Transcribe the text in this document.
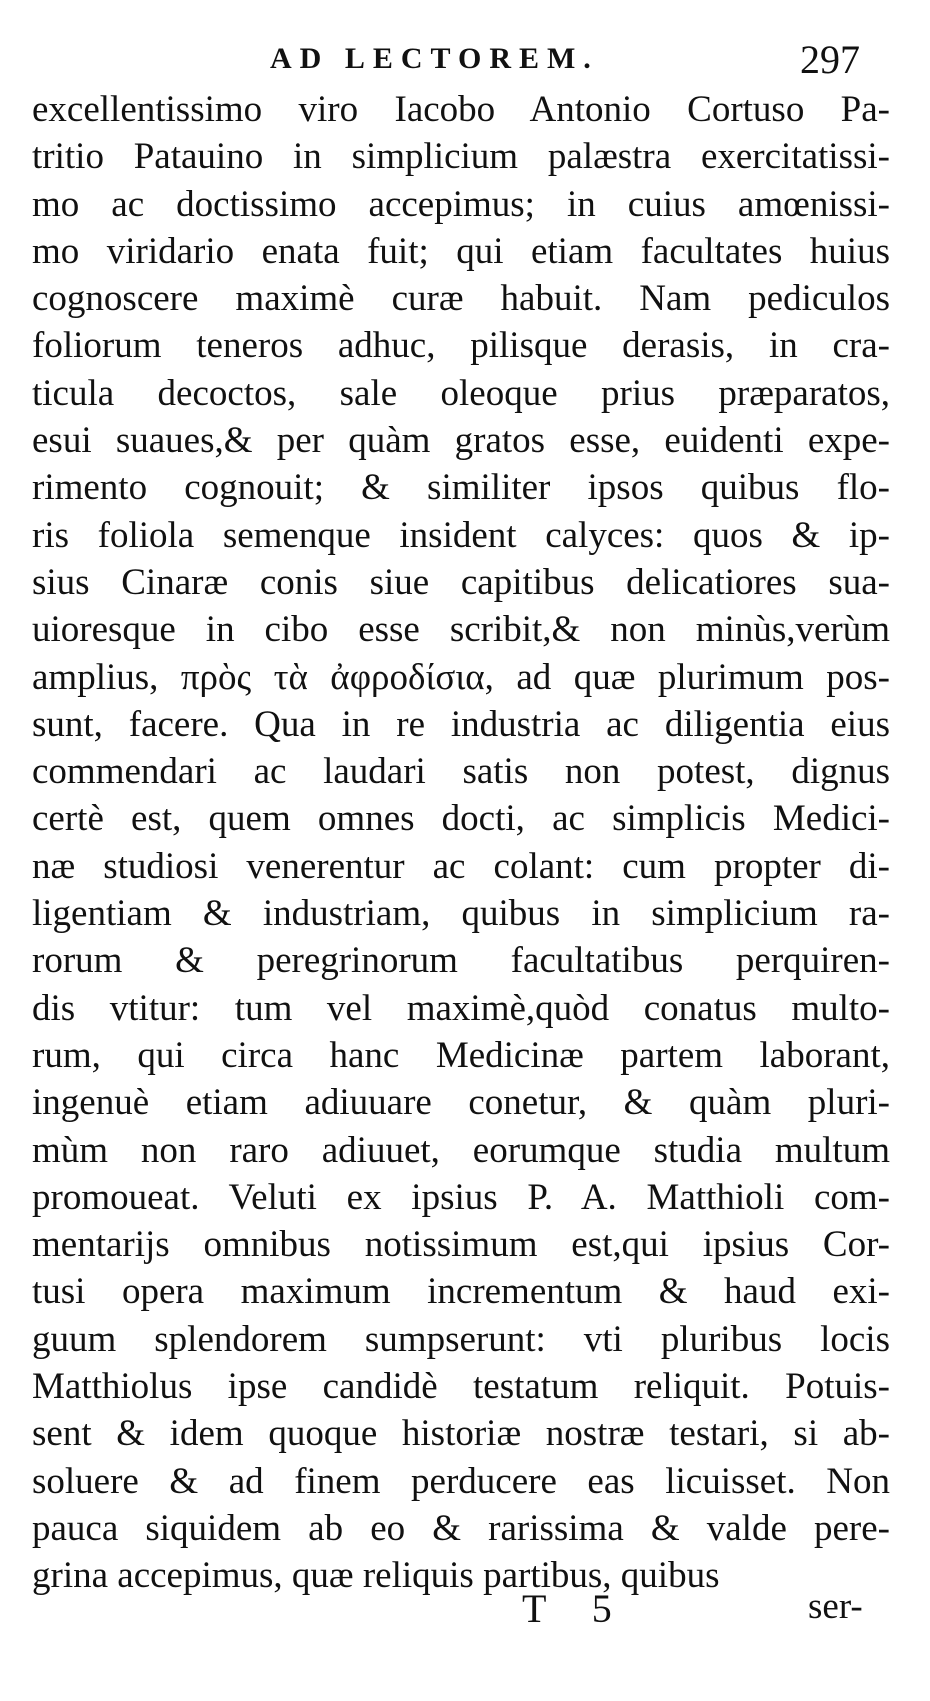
AD LECTOREM.	297
excellentissimo viro Iacobo Antonio Cortuso Pa-
tritio Patauino in simplicium palæstra exercitatissi-
mo ac doctissimo accepimus; in cuius amœnissi-
mo viridario enata fuit; qui etiam facultates huius
cognoscere maximè curæ habuit. Nam pediculos
foliorum teneros adhuc, pilisque derasis, in cra-
ticula decoctos, sale oleoque prius præparatos,
esui suaues,& per quàm gratos esse, euidenti expe-
rimento cognouit; & similiter ipsos quibus flo-
ris foliola semenque insident calyces: quos & ip-
sius Cinaræ conis siue capitibus delicatiores sua-
uioresque in cibo esse scribit,& non minùs,verùm
amplius, πρὸς τὰ ἀφροδίσια, ad quæ plurimum pos-
sunt, facere. Qua in re industria ac diligentia eius
commendari ac laudari satis non potest, dignus
certè est, quem omnes docti, ac simplicis Medici-
næ studiosi venerentur ac colant: cum propter di-
ligentiam & industriam, quibus in simplicium ra-
rorum & peregrinorum facultatibus perquiren-
dis vtitur: tum vel maximè,quòd conatus multo-
rum, qui circa hanc Medicinæ partem laborant,
ingenuè etiam adiuuare conetur, & quàm pluri-
mùm non raro adiuuet, eorumque studia multum
promoueat. Veluti ex ipsius P. A. Matthioli com-
mentarijs omnibus notissimum est,qui ipsius Cor-
tusi opera maximum incrementum & haud exi-
guum splendorem sumpserunt: vti pluribus locis
Matthiolus ipse candidè testatum reliquit. Potuis-
sent & idem quoque historiæ nostræ testari, si ab-
soluere & ad finem perducere eas licuisset. Non
pauca siquidem ab eo & rarissima & valde pere-
grina accepimus, quæ reliquis partibus, quibus
T 5	ser-
